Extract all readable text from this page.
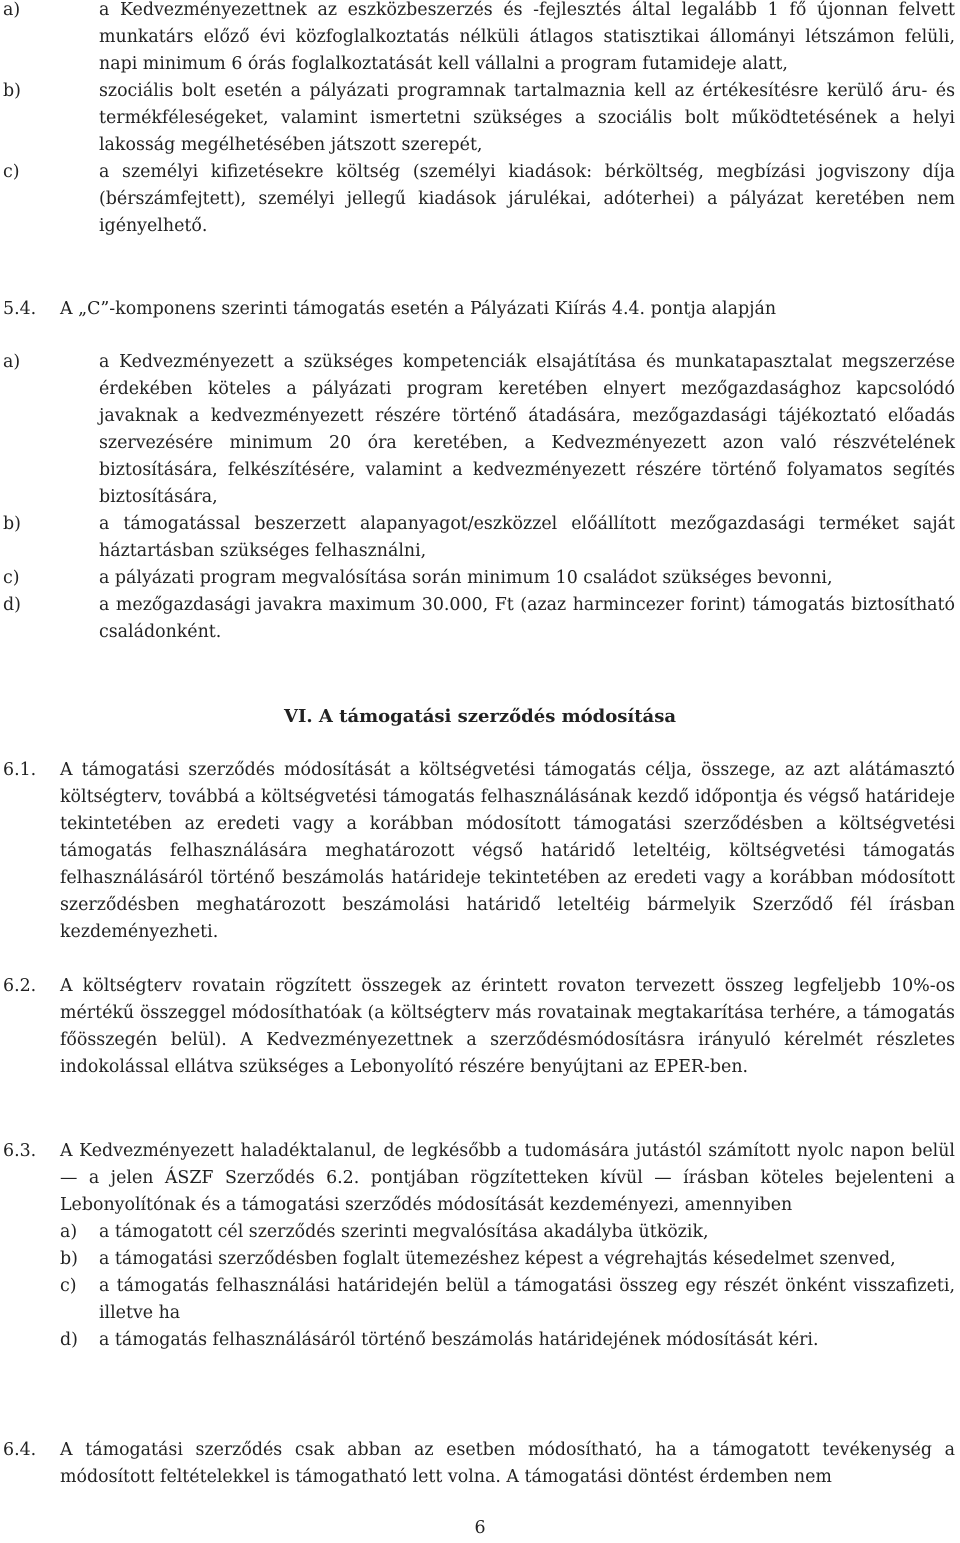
a)	a Kedvezményezettnek az eszközbeszerzés és -fejlesztés által legalább 1 fő újonnan felvett munkatárs előző évi közfoglalkoztatás nélküli átlagos statisztikai állományi létszámon felüli, napi minimum 6 órás foglalkoztatását kell vállalni a program futamideje alatt,

b)	szociális bolt esetén a pályázati programnak tartalmaznia kell az értékesítésre kerülő áru- és termékféleségeket, valamint ismertetni szükséges a szociális bolt működtetésének a helyi lakosság megélhetésében játszott szerepét,

c)	a személyi kifizetésekre költség (személyi kiadások: bérköltség, megbízási jogviszony díja (bérszámfejtett), személyi jellegű kiadások járulékai, adóterhei) a pályázat keretében nem igényelhető.

5.4. A „C”-komponens szerinti támogatás esetén a Pályázati Kiírás 4.4. pontja alapján

a)	a Kedvezményezett a szükséges kompetenciák elsajátítása és munkatapasztalat megszerzése érdekében köteles a pályázati program keretében elnyert mezőgazdasághoz kapcsolódó javaknak a kedvezményezett részére történő átadására, mezőgazdasági tájékoztató előadás szervezésére minimum 20 óra keretében, a Kedvezményezett azon való részvételének biztosítására, felkészítésére, valamint a kedvezményezett részére történő folyamatos segítés biztosítására,

b)	a támogatással beszerzett alapanyagot/eszközzel előállított mezőgazdasági terméket saját háztartásban szükséges felhasználni,

c)	a pályázati program megvalósítása során minimum 10 családot szükséges bevonni,

d)	a mezőgazdasági javakra maximum 30.000, Ft (azaz harmincezer forint) támogatás biztosítható családonként.

VI. A támogatási szerződés módosítása

6.1. A támogatási szerződés módosítását a költségvetési támogatás célja, összege, az azt alátámasztó költségterv, továbbá a költségvetési támogatás felhasználásának kezdő időpontja és végső határideje tekintetében az eredeti vagy a korábban módosított támogatási szerződésben a költségvetési támogatás felhasználására meghatározott végső határidő leteltéig, költségvetési támogatás felhasználásáról történő beszámolás határideje tekintetében az eredeti vagy a korábban módosított szerződésben meghatározott beszámolási határidő leteltéig bármelyik Szerződő fél írásban kezdeményezheti.

6.2. A költségterv rovatain rögzített összegek az érintett rovaton tervezett összeg legfeljebb 10%-os mértékű összeggel módosíthatóak (a költségterv más rovatainak megtakarítása terhére, a támogatás főösszegén belül). A Kedvezményezettnek a szerződésmódosításra irányuló kérelmét részletes indokolással ellátva szükséges a Lebonyolító részére benyújtani az EPER-ben.

6.3. A Kedvezményezett haladéktalanul, de legkésőbb a tudomására jutástól számított nyolc napon belül — a jelen ÁSZF Szerződés 6.2. pontjában rögzítetteken kívül — írásban köteles bejelenteni a Lebonyolítónak és a támogatási szerződés módosítását kezdeményezi, amennyiben

a) a támogatott cél szerződés szerinti megvalósítása akadályba ütközik,

b) a támogatási szerződésben foglalt ütemezéshez képest a végrehajtás késedelmet szenved,

c) a támogatás felhasználási határidején belül a támogatási összeg egy részét önként visszafizeti, illetve ha

d) a támogatás felhasználásáról történő beszámolás határidejének módosítását kéri.

6.4. A támogatási szerződés csak abban az esetben módosítható, ha a támogatott tevékenység a módosított feltételekkel is támogatható lett volna. A támogatási döntést érdemben nem

6
